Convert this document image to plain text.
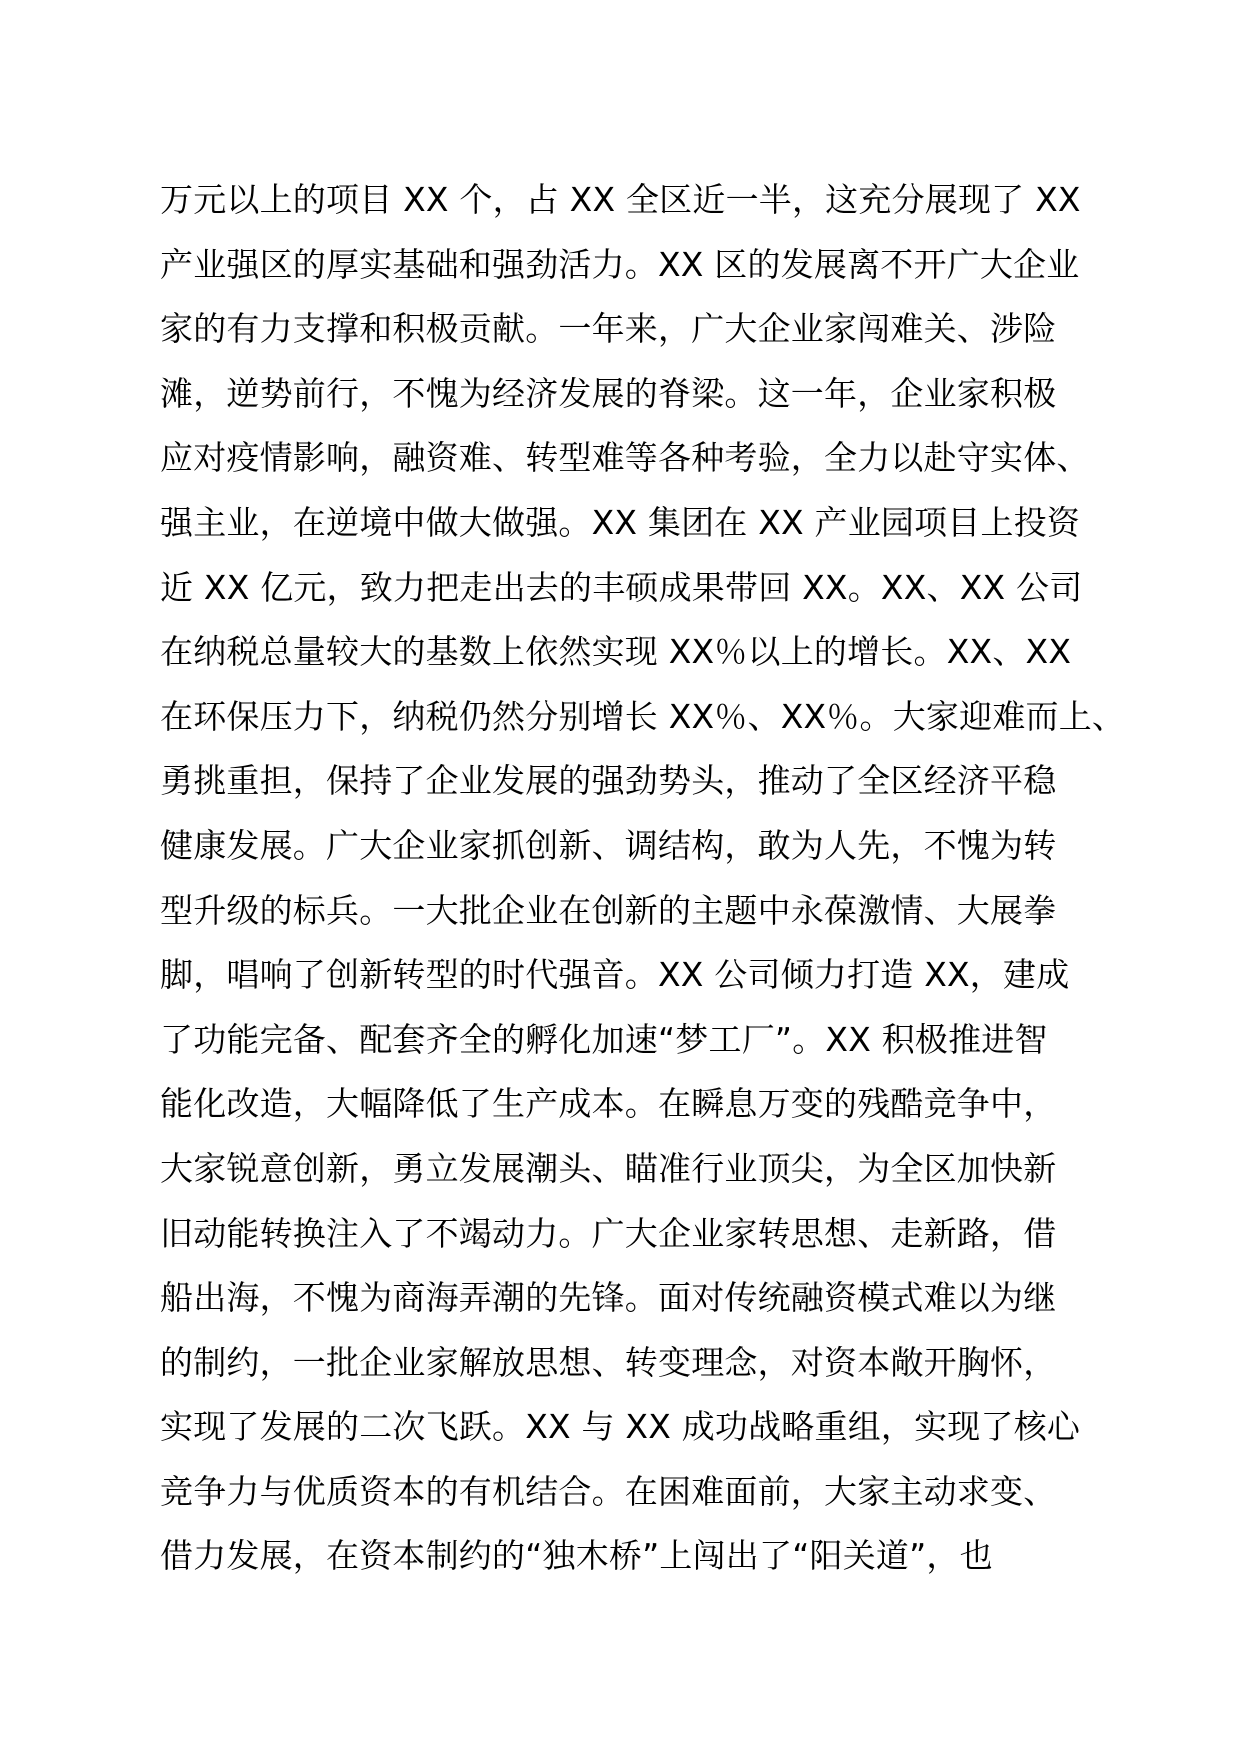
万元以上的项目 XX 个，占 XX 全区近一半，这充分展现了 XX
产业强区的厚实基础和强劲活力。XX 区的发展离不开广大企业
家的有力支撑和积极贡献。一年来，广大企业家闯难关、涉险
滩，逆势前行，不愧为经济发展的脊梁。这一年，企业家积极
应对疫情影响，融资难、转型难等各种考验，全力以赴守实体、
强主业，在逆境中做大做强。XX 集团在 XX 产业园项目上投资
近 XX 亿元，致力把走出去的丰硕成果带回 XX。XX、XX 公司
在纳税总量较大的基数上依然实现 XX％以上的增长。XX、XX
在环保压力下，纳税仍然分别增长 XX％、XX％。大家迎难而上、
勇挑重担，保持了企业发展的强劲势头，推动了全区经济平稳
健康发展。广大企业家抓创新、调结构，敢为人先，不愧为转
型升级的标兵。一大批企业在创新的主题中永葆激情、大展拳
脚，唱响了创新转型的时代强音。XX 公司倾力打造 XX，建成
了功能完备、配套齐全的孵化加速“梦工厂”。XX 积极推进智
能化改造，大幅降低了生产成本。在瞬息万变的残酷竞争中，
大家锐意创新，勇立发展潮头、瞄准行业顶尖，为全区加快新
旧动能转换注入了不竭动力。广大企业家转思想、走新路，借
船出海，不愧为商海弄潮的先锋。面对传统融资模式难以为继
的制约，一批企业家解放思想、转变理念，对资本敞开胸怀，
实现了发展的二次飞跃。XX 与 XX 成功战略重组，实现了核心
竞争力与优质资本的有机结合。在困难面前，大家主动求变、
借力发展，在资本制约的“独木桥”上闯出了“阳关道”，也
